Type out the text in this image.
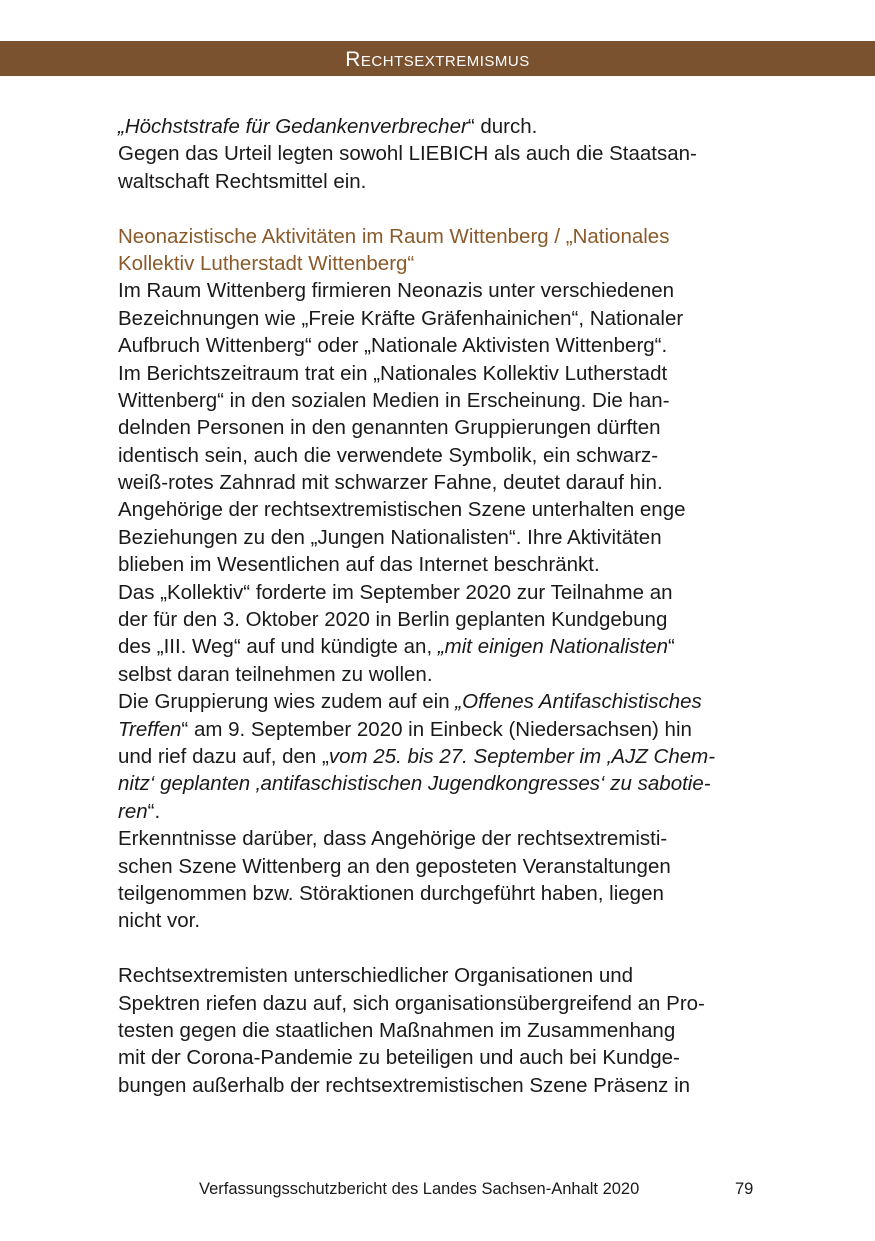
Rechtsextremismus
„Höchststrafe für Gedankenverbrecher“ durch.
Gegen das Urteil legten sowohl LIEBICH als auch die Staatsan-
waltschaft Rechtsmittel ein.
Neonazistische Aktivitäten im Raum Wittenberg / „Nationales
Kollektiv Lutherstadt Wittenberg“
Im Raum Wittenberg firmieren Neonazis unter verschiedenen
Bezeichnungen wie „Freie Kräfte Gräfenhainichen“, Nationaler
Aufbruch Wittenberg“ oder „Nationale Aktivisten Wittenberg“.
Im Berichtszeitraum trat ein „Nationales Kollektiv Lutherstadt
Wittenberg“ in den sozialen Medien in Erscheinung. Die han-
delnden Personen in den genannten Gruppierungen dürften
identisch sein, auch die verwendete Symbolik, ein schwarz-
weiß-rotes Zahnrad mit schwarzer Fahne, deutet darauf hin.
Angehörige der rechtsextremistischen Szene unterhalten enge
Beziehungen zu den „Jungen Nationalisten“. Ihre Aktivitäten
blieben im Wesentlichen auf das Internet beschränkt.
Das „Kollektiv“ forderte im September 2020 zur Teilnahme an
der für den 3. Oktober 2020 in Berlin geplanten Kundgebung
des „III. Weg“ auf und kündigte an, „mit einigen Nationalisten“
selbst daran teilnehmen zu wollen.
Die Gruppierung wies zudem auf ein „Offenes Antifaschistisches
Treffen“ am 9. September 2020 in Einbeck (Niedersachsen) hin
und rief dazu auf, den „vom 25. bis 27. September im ‚AJZ Chem-
nitz‘ geplanten ‚antifaschistischen Jugendkongresses‘ zu sabotie-
ren“.
Erkenntnisse darüber, dass Angehörige der rechtsextremisti-
schen Szene Wittenberg an den geposteten Veranstaltungen
teilgenommen bzw. Störaktionen durchgeführt haben, liegen
nicht vor.
Rechtsextremisten unterschiedlicher Organisationen und
Spektren riefen dazu auf, sich organisationsübergreifend an Pro-
testen gegen die staatlichen Maßnahmen im Zusammenhang
mit der Corona-Pandemie zu beteiligen und auch bei Kundge-
bungen außerhalb der rechtsextremistischen Szene Präsenz in
Verfassungsschutzbericht des Landes Sachsen-Anhalt 2020	79
